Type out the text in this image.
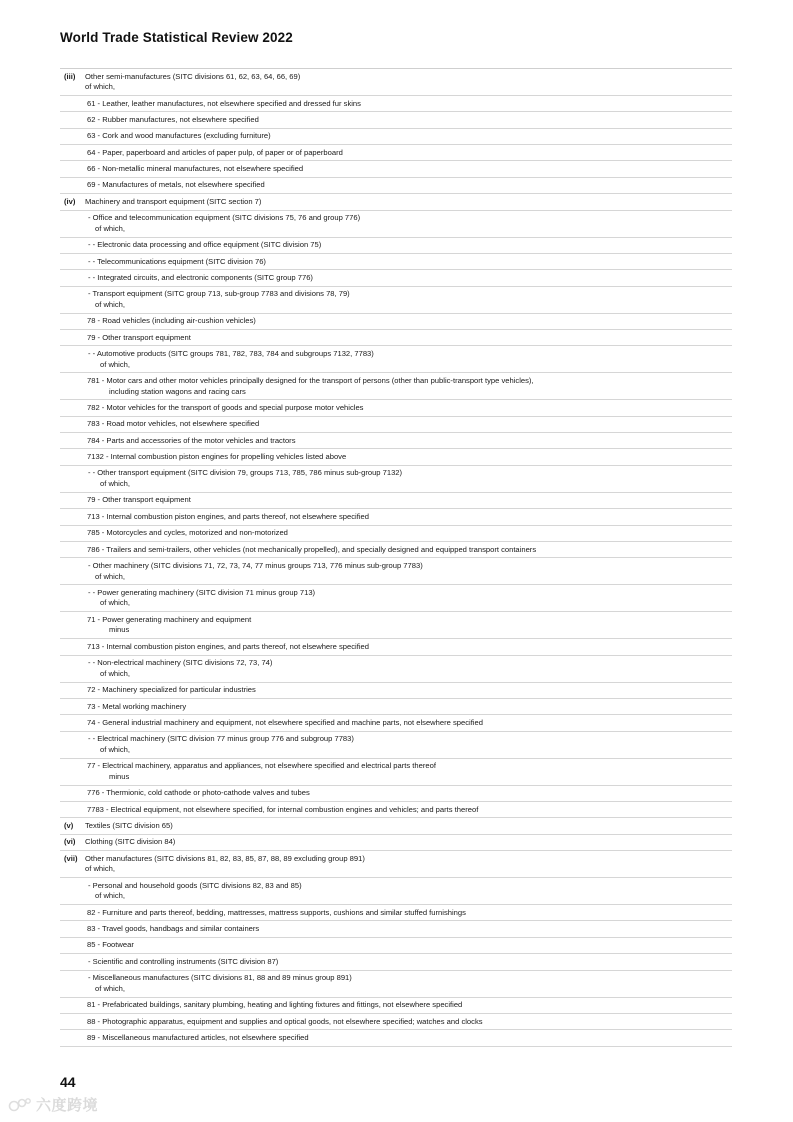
World Trade Statistical Review 2022
(iii) Other semi-manufactures (SITC divisions 61, 62, 63, 64, 66, 69)
of which,
61 - Leather, leather manufactures, not elsewhere specified and dressed fur skins
62 - Rubber manufactures, not elsewhere specified
63 - Cork and wood manufactures (excluding furniture)
64 - Paper, paperboard and articles of paper pulp, of paper or of paperboard
66 - Non-metallic mineral manufactures, not elsewhere specified
69 - Manufactures of metals, not elsewhere specified
(iv) Machinery and transport equipment (SITC section 7)
- Office and telecommunication equipment (SITC divisions 75, 76 and group 776)
of which,
- - Electronic data processing and office equipment (SITC division 75)
- - Telecommunications equipment (SITC division 76)
- - Integrated circuits, and electronic components (SITC group 776)
- Transport equipment (SITC group 713, sub-group 7783 and divisions 78, 79)
of which,
78 - Road vehicles (including air-cushion vehicles)
79 - Other transport equipment
- - Automotive products (SITC groups 781, 782, 783, 784 and subgroups 7132, 7783)
of which,
781 - Motor cars and other motor vehicles principally designed for the transport of persons (other than public-transport type vehicles),
including station wagons and racing cars
782 - Motor vehicles for the transport of goods and special purpose motor vehicles
783 - Road motor vehicles, not elsewhere specified
784 - Parts and accessories of the motor vehicles and tractors
7132 - Internal combustion piston engines for propelling vehicles listed above
- - Other transport equipment (SITC division 79, groups 713, 785, 786 minus sub-group 7132)
of which,
79 - Other transport equipment
713 - Internal combustion piston engines, and parts thereof, not elsewhere specified
785 - Motorcycles and cycles, motorized and non-motorized
786 - Trailers and semi-trailers, other vehicles (not mechanically propelled), and specially designed and equipped transport containers
- Other machinery (SITC divisions 71, 72, 73, 74, 77 minus groups 713, 776 minus sub-group 7783)
of which,
- - Power generating machinery (SITC division 71 minus group 713)
of which,
71 - Power generating machinery and equipment
minus
713 - Internal combustion piston engines, and parts thereof, not elsewhere specified
- - Non-electrical machinery (SITC divisions 72, 73, 74)
of which,
72 - Machinery specialized for particular industries
73 - Metal working machinery
74 - General industrial machinery and equipment, not elsewhere specified and machine parts, not elsewhere specified
- - Electrical machinery (SITC division 77 minus group 776 and subgroup 7783)
of which,
77 - Electrical machinery, apparatus and appliances, not elsewhere specified and electrical parts thereof
minus
776 - Thermionic, cold cathode or photo-cathode valves and tubes
7783 - Electrical equipment, not elsewhere specified, for internal combustion engines and vehicles; and parts thereof
(v) Textiles (SITC division 65)
(vi) Clothing (SITC division 84)
(vii) Other manufactures (SITC divisions 81, 82, 83, 85, 87, 88, 89 excluding group 891)
of which,
- Personal and household goods (SITC divisions 82, 83 and 85)
of which,
82 - Furniture and parts thereof, bedding, mattresses, mattress supports, cushions and similar stuffed furnishings
83 - Travel goods, handbags and similar containers
85 - Footwear
- Scientific and controlling instruments (SITC division 87)
- Miscellaneous manufactures (SITC divisions 81, 88 and 89 minus group 891)
of which,
81 - Prefabricated buildings, sanitary plumbing, heating and lighting fixtures and fittings, not elsewhere specified
88 - Photographic apparatus, equipment and supplies and optical goods, not elsewhere specified; watches and clocks
89 - Miscellaneous manufactured articles, not elsewhere specified
44
六度跨境
